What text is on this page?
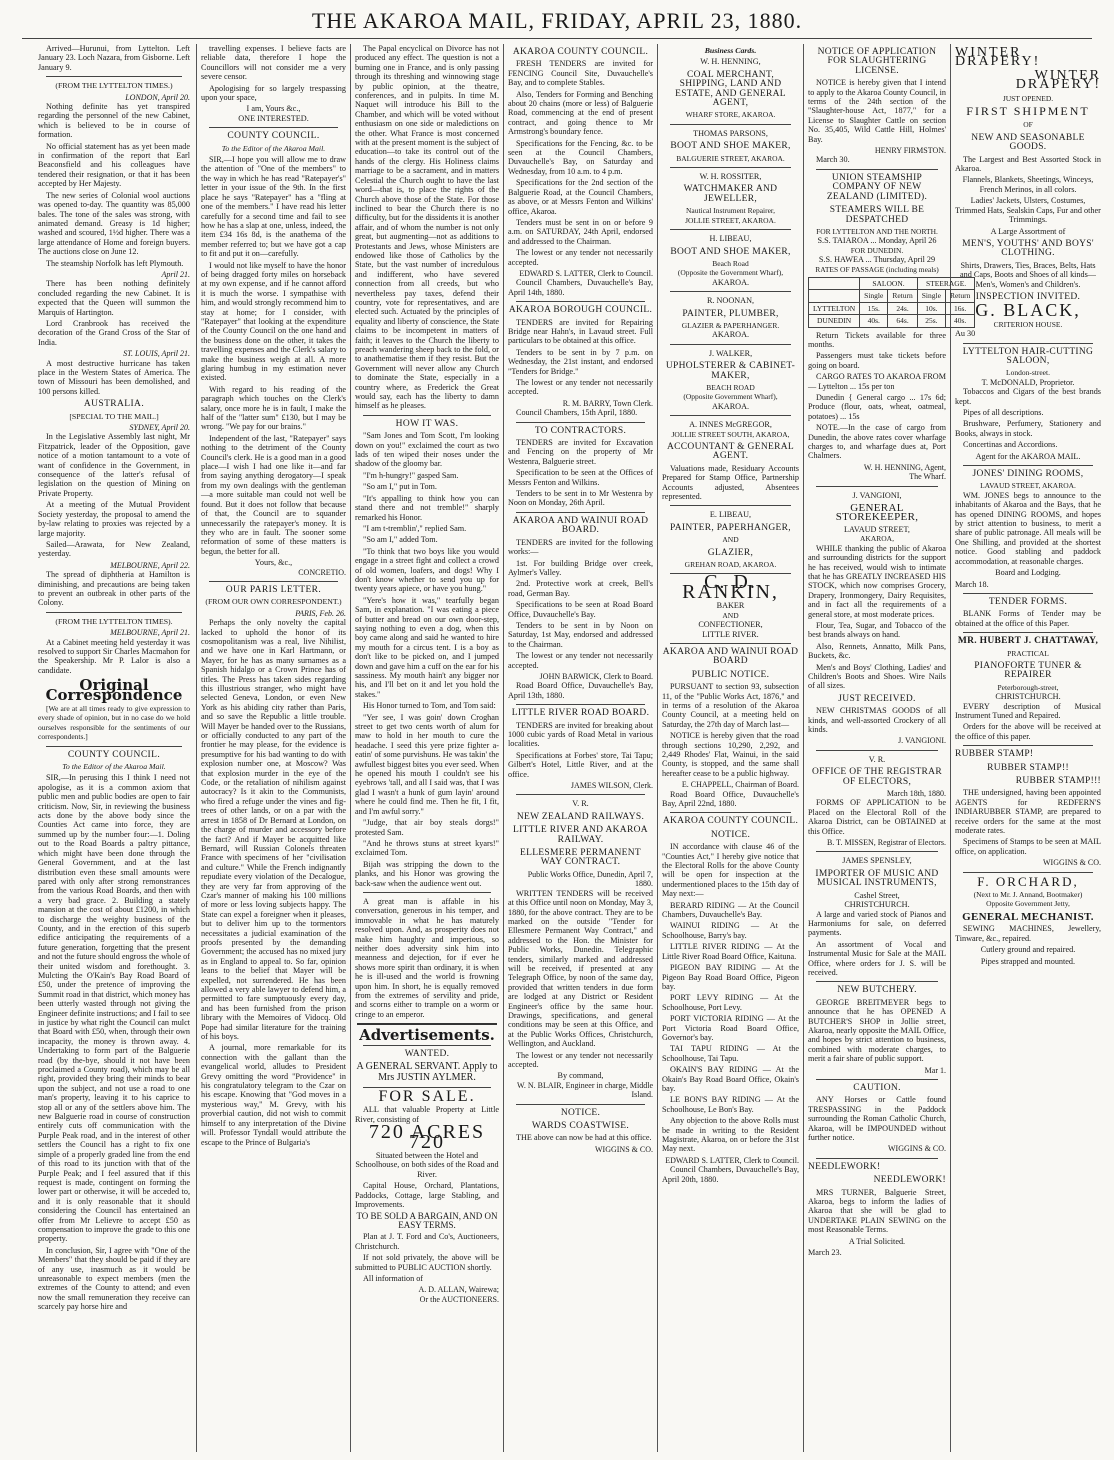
THE AKAROA MAIL, FRIDAY, APRIL 23, 1880.

Arrived—Hurunui, from Lyttelton. Left January 23. Loch Nazara, from Gisborne. Left January 9.

(FROM THE LYTTELTON TIMES.)
LONDON, April 20.

Nothing definite has yet transpired regarding the personnel of the new Cabinet, which is believed to be in course of formation.

No official statement has as yet been made in confirmation of the report that Earl Beaconsfield and his colleagues have tendered their resignation, or that it has been accepted by Her Majesty.

The new series of Colonial wool auctions was opened to-day. The quantity was 85,000 bales. The tone of the sales was strong, with animated demand. Greasy is 1d higher; washed and scoured, 1½d higher. There was a large attendance of Home and foreign buyers. The auctions close on June 12.

The steamship Norfolk has left Plymouth.

April 21.

There has been nothing definitely concluded regarding the new Cabinet. It is expected that the Queen will summon the Marquis of Hartington.

Lord Cranbrook has received the decoration of the Grand Cross of the Star of India.

ST. LOUIS, April 21.

A most destructive hurricane has taken place in the Western States of America. The town of Missouri has been demolished, and 100 persons killed.

AUSTRALIA.
[SPECIAL TO THE MAIL.]
SYDNEY, April 20.

In the Legislative Assembly last night, Mr Fitzpatrick, leader of the Opposition, gave notice of a motion tantamount to a vote of want of confidence in the Government, in consequence of the latter's refusal of legislation on the question of Mining on Private Property.

At a meeting of the Mutual Provident Society yesterday, the proposal to amend the by-law relating to proxies was rejected by a large majority.

Sailed—Arawata, for New Zealand, yesterday.

MELBOURNE, April 22.

The spread of diphtheria at Hamilton is diminishing, and precautions are being taken to prevent an outbreak in other parts of the Colony.

(FROM THE LYTTELTON TIMES).
MELBOURNE, April 21.

At a Cabinet meeting held yesterday it was resolved to support Sir Charles Macmahon for the Speakership. Mr P. Lalor is also a candidate.

Original Correspondence

[We are at all times ready to give expression to every shade of opinion, but in no case do we hold ourselves responsible for the sentiments of our correspondents.]

COUNTY COUNCIL.
To the Editor of the Akaroa Mail.

SIR,—In perusing this I think I need not apologise, as it is a common axiom that public men and public bodies are open to fair criticism. Now, Sir, in reviewing the business acts done by the above body since the Counties Act came into force, they are summed up by the number four:—1. Doling out to the Road Boards a paltry pittance, which might have been done through the General Government, and at the last distribution even these small amounts were pared with only after strong remonstrances from the various Road Boards, and then with a very bad grace. 2. Building a stately mansion at the cost of about £1200, in which to discharge the weighty business of the County, and in the erection of this superb edifice anticipating the requirements of a future generation, forgetting that the present and not the future should engross the whole of their united wisdom and forethought. 3. Mulcting the O'Kain's Bay Road Board of £50, under the pretence of improving the Summit road in that district, which money has been utterly wasted through not giving the Engineer definite instructions; and I fail to see in justice by what right the Council can mulct that Board with £50, when, through their own incapacity, the money is thrown away. 4. Undertaking to form part of the Balguerie road (by the-bye, should it not have been proclaimed a County road), which may be all right, provided they bring their minds to bear upon the subject, and not use a road to one man's property, leaving it to his caprice to stop all or any of the settlers above him. The new Balguerie road in course of construction entirely cuts off communication with the Purple Peak road, and in the interest of other settlers the Council has a right to fix one simple of a properly graded line from the end of this road to its junction with that of the Purple Peak; and I feel assured that if this request is made, contingent on forming the lower part or otherwise, it will be acceded to, and it is only reasonable that it should considering the Council has entertained an offer from Mr Lelievre to accept £50 as compensation to improve the grade to this one property.

In conclusion, Sir, I agree with "One of the Members" that they should be paid if they are of any use, inasmuch as it would be unreasonable to expect members (men the extremes of the County to attend; and even now the small remuneration they receive can scarcely pay horse hire and

travelling expenses. I believe facts are reliable data, therefore I hope the Councillors will not consider me a very severe censor.

Apologising for so largely trespassing upon your space,

I am, Yours &c.,
ONE INTERESTED.
COUNTY COUNCIL.
To the Editor of the Akaroa Mail.

SIR,—I hope you will allow me to draw the attention of "One of the members" to the way in which he has read "Ratepayer's" letter in your issue of the 9th. In the first place he says "Ratepayer" has a "fling at one of the members." I have read his letter carefully for a second time and fail to see how he has a slap at one, unless, indeed, the item £34 16s 8d, is the anathema of the member referred to; but we have got a cap to fit and put it on—carefully.

I would not like myself to have the honor of being dragged forty miles on horseback at my own expense, and if he cannot afford it is much the worse. I sympathise with him, and would strongly recommend him to stay at home; for I consider, with "Ratepayer" that looking at the expenditure of the County Council on the one hand and the business done on the other, it takes the travelling expenses and the Clerk's salary to make the business weigh at all. A more glaring humbug in my estimation never existed.

With regard to his reading of the paragraph which touches on the Clerk's salary, once more he is in fault, I make the half of the "latter sum" £130, but I may be wrong. "We pay for our brains."

Independent of the last, "Ratepayer" says nothing to the detriment of the County Council's clerk. He is a good man in a good place—I wish I had one like it—and far from saying anything derogatory—I speak from my own dealings with the gentleman—a more suitable man could not well be found. But it does not follow that because of that, the Council are to squander unnecessarily the ratepayer's money. It is they who are in fault. The sooner some reformation of some of these matters is begun, the better for all.

Yours, &c.,
CONCRETIO.
OUR PARIS LETTER.
(FROM OUR OWN CORRESPONDENT.)
PARIS, Feb. 26.

Perhaps the only novelty the capital lacked to uphold the honor of its cosmopolitanism was a real, live Nihilist, and we have one in Karl Hartmann, or Mayer, for he has as many surnames as a Spanish hidalgo or a Crown Prince has of titles. The Press has taken sides regarding this illustrious stranger, who might have selected Geneva, London, or even New York as his abiding city rather than Paris, and so save the Republic a little trouble. Will Mayer be handed over to the Russians, or officially conducted to any part of the frontier he may please, for the evidence is presumptive for his bad wanting to do with explosion number one, at Moscow? Was that explosion murder in the eye of the Code, or the retaliation of nihilism against autocracy? Is it akin to the Communists, who fired a refuge under the vines and fig-trees of other lands, or on a par with the arrest in 1858 of Dr Bernard at London, on the charge of murder and accessory before the fact? And if Mayer be acquitted like Bernard, will Russian Colonels threaten France with specimens of her "civilisation and culture." While the French indignantly repudiate every violation of the Decalogue, they are very far from approving of the Czar's manner of making his 100 millions of more or less loving subjects happy. The State can expel a foreigner when it pleases, but to deliver him up to the tormentors necessitates a judicial examination of the proofs presented by the demanding Government; the accused has no mixed jury as in England to appeal to. So far, opinion leans to the belief that Mayer will be expelled, not surrendered. He has been allowed a very able lawyer to defend him, a permitted to fare sumptuously every day, and has been furnished from the prison library with the Memoires of Vidocq. Old Pope had similar literature for the training of his boys.

A journal, more remarkable for its connection with the gallant than the evangelical world, alludes to President Grevy omitting the word "Providence" in his congratulatory telegram to the Czar on his escape. Knowing that "God moves in a mysterious way," M. Grevy, with his proverbial caution, did not wish to commit himself to any interpretation of the Divine will. Professor Tyndall would attribute the escape to the Prince of Bulgaria's

The Papal encyclical on Divorce has not produced any effect. The question is not a burning one in France, and is only passing through its threshing and winnowing stage by public opinion, at the theatre, conferences, and in pulpits. In time M. Naquet will introduce his Bill to the Chamber, and which will be voted without enthusiasm on one side or maledictions on the other. What France is most concerned with at the present moment is the subject of education—to take its control out of the hands of the clergy. His Holiness claims marriage to be a sacrament, and in matters Celestial the Church ought to have the last word—that is, to place the rights of the Church above those of the State. For those inclined to bear the Church there is no difficulty, but for the dissidents it is another affair, and of whom the number is not only great, but augmenting—not as additions to Protestants and Jews, whose Ministers are endowed like those of Catholics by the State, but the vast number of incredulous and indifferent, who have severed connection from all creeds, but who nevertheless pay taxes, defend their country, vote for representatives, and are elected such. Actuated by the principles of equality and liberty of conscience, the State claims to be incompetent in matters of faith; it leaves to the Church the liberty to preach wandering sheep back to the fold, or to anathematise them if they resist. But the Government will never allow any Church to dominate the State, especially in a country where, as Frederick the Great would say, each has the liberty to damn himself as he pleases.

HOW IT WAS.

"Sam Jones and Tom Scott, I'm looking down on you!" exclaimed the court as two lads of ten wiped their noses under the shadow of the gloomy bar.

"I'm h-hungry!" gasped Sam.

"So am I," put in Tom.

"It's appalling to think how you can stand there and not tremble!" sharply remarked his Honor.

"I am t-tremblin'," replied Sam.

"So am I," added Tom.

"To think that two boys like you would engage in a street fight and collect a crowd of old women, loafers, and dogs! Why I don't know whether to send you up for twenty years apiece, or have you hung."

"Yere's how it was," tearfully began Sam, in explanation. "I was eating a piece of butter and bread on our own door-step, saying nothing to even a dog, when this boy came along and said he wanted to hire my mouth for a circus tent. I is a boy as don't like to be picked on, and I jumped down and gave him a cuff on the ear for his sassiness. My mouth hain't any bigger nor his, and I'll bet on it and let you hold the stakes."

His Honor turned to Tom, and Tom said:

"Yer see, I was goin' down Croghan street to get two cents worth of alum for maw to hold in her mouth to cure the headache. I seed this yere prize fighter a-eatin' of some purvishuns. He was takin' the awfullest biggest bites you ever seed. When he opened his mouth I couldn't see his eyebrows 'tall, and all I said was, that I was glad I wasn't a hunk of gum layin' around where he could find me. Then he fit, I fit, and I'm awful sorry."

"Judge, that air boy steals dorgs!" protested Sam.

"And he throws stuns at street kyars!" exclaimed Tom.

Bijah was stripping the down to the planks, and his Honor was growing the back-saw when the audience went out.

A great man is affable in his conversation, generous in his temper, and immovable in what he has maturely resolved upon. And, as prosperity does not make him haughty and imperious, so neither does adversity sink him into meanness and dejection, for if ever he shows more spirit than ordinary, it is when he is ill-used and the world is frowning upon him. In short, he is equally removed from the extremes of servility and pride, and scorns either to trample on a worm or cringe to an emperor.

Advertisements.
WANTED.

A GENERAL SERVANT. Apply to Mrs JUSTIN AYLMER.

FOR SALE.

ALL that valuable Property at Little River, consisting of

720 ACRES 720

Situated between the Hotel and Schoolhouse, on both sides of the Road and River.

Capital House, Orchard, Plantations, Paddocks, Cottage, large Stabling, and Improvements.

TO BE SOLD A BARGAIN, AND ON EASY TERMS.

Plan at J. T. Ford and Co's, Auctioneers, Christchurch.

If not sold privately, the above will be submitted to PUBLIC AUCTION shortly.

All information of

A. D. ALLAN, Wairewa;
Or the AUCTIONEERS.
AKAROA COUNTY COUNCIL.

FRESH TENDERS are invited for FENCING Council Site, Duvauchelle's Bay, and to complete Stables.

Also, Tenders for Forming and Benching about 20 chains (more or less) of Balguerie Road, commencing at the end of present contract, and going thence to Mr Armstrong's boundary fence.

Specifications for the Fencing, &c. to be seen at the Council Chambers, Duvauchelle's Bay, on Saturday and Wednesday, from 10 a.m. to 4 p.m.

Specifications for the 2nd section of the Balguerie Road, at the Council Chambers, as above, or at Messrs Fenton and Wilkins' office, Akaroa.

Tenders must be sent in on or before 9 a.m. on SATURDAY, 24th April, endorsed and addressed to the Chairman.

The lowest or any tender not necessarily accepted.

EDWARD S. LATTER, Clerk to Council.

Council Chambers, Duvauchelle's Bay, April 14th, 1880.

AKAROA BOROUGH COUNCIL.

TENDERS are invited for Repairing Bridge near Hahn's, in Lavaud street. Full particulars to be obtained at this office.

Tenders to be sent in by 7 p.m. on Wednesday, the 21st instant, and endorsed "Tenders for Bridge."

The lowest or any tender not necessarily accepted.

R. M. BARRY, Town Clerk.

Council Chambers, 15th April, 1880.

TO CONTRACTORS.

TENDERS are invited for Excavation and Fencing on the property of Mr Westenra, Balguerie street.

Specification to be seen at the Offices of Messrs Fenton and Wilkins.

Tenders to be sent in to Mr Westenra by Noon on Monday, 26th April.

AKAROA AND WAINUI ROAD BOARD.

TENDERS are invited for the following works:—

1st. For building Bridge over creek, Aylmer's Valley.

2nd. Protective work at creek, Bell's road, German Bay.

Specifications to be seen at Road Board Office, Duvauchelle's Bay.

Tenders to be sent in by Noon on Saturday, 1st May, endorsed and addressed to the Chairman.

The lowest or any tender not necessarily accepted.

JOHN BARWICK, Clerk to Board.

Road Board Office, Duvauchelle's Bay, April 13th, 1880.

LITTLE RIVER ROAD BOARD.

TENDERS are invited for breaking about 1000 cubic yards of Road Metal in various localities.

Specifications at Forbes' store, Tai Tapu; Gilbert's Hotel, Little River, and at the office.

JAMES WILSON, Clerk.
V. R.
NEW ZEALAND RAILWAYS.
LITTLE RIVER AND AKAROA RAILWAY.
ELLESMERE PERMANENT WAY CONTRACT.
Public Works Office, Dunedin, April 7, 1880.

WRITTEN TENDERS will be received at this Office until noon on Monday, May 3, 1880, for the above contract. They are to be marked on the outside "Tender for Ellesmere Permanent Way Contract," and addressed to the Hon. the Minister for Public Works, Dunedin. Telegraphic tenders, similarly marked and addressed will be received, if presented at any Telegraph Office, by noon of the same day, provided that written tenders in due form are lodged at any District or Resident Engineer's office by the same hour. Drawings, specifications, and general conditions may be seen at this Office, and at the Public Works Offices, Christchurch, Wellington, and Auckland.

The lowest or any tender not necessarily accepted.

By command,
W. N. BLAIR, Engineer in charge, Middle Island.
NOTICE.
WARDS COASTWISE.

THE above can now be had at this office.

WIGGINS & CO.
Business Cards.
W. H. HENNING,
COAL MERCHANT, SHIPPING, LAND AND ESTATE, AND GENERAL AGENT,
WHARF STORE, AKAROA.
THOMAS PARSONS,
BOOT AND SHOE MAKER,
BALGUERIE STREET, AKAROA.
W. H. ROSSITER,
WATCHMAKER AND JEWELLER,
Nautical Instrument Repairer,
JOLLIE STREET, AKAROA.
H. LIBEAU,
BOOT AND SHOE MAKER,
Beach Road
(Opposite the Government Wharf),
AKAROA.
R. NOONAN,
PAINTER, PLUMBER,
GLAZIER & PAPERHANGER.
AKAROA.
J. WALKER,
UPHOLSTERER & CABINET-MAKER,
BEACH ROAD
(Opposite Government Wharf),
AKAROA.
A. INNES McGREGOR,
JOLLIE STREET SOUTH, AKAROA,
ACCOUNTANT & GENERAL AGENT.

Valuations made, Residuary Accounts Prepared for Stamp Office, Partnership Accounts adjusted, Absentees represented.

E. LIBEAU,
PAINTER, PAPERHANGER,
AND
GLAZIER,
GREHAN ROAD, AKAROA.
C. D. RANKIN,
BAKER
AND
CONFECTIONER,
LITTLE RIVER.
AKAROA AND WAINUI ROAD BOARD
PUBLIC NOTICE.

PURSUANT to section 93, subsection 11, of the "Public Works Act, 1876," and in terms of a resolution of the Akaroa County Council, at a meeting held on Saturday, the 27th day of March last—

NOTICE is hereby given that the road through sections 10,290, 2,292, and 2,449 Rhodes' Flat, Wainui, in the said County, is stopped, and the same shall hereafter cease to be a public highway.

E. CHAPPELL, Chairman of Board.

Road Board Office, Duvauchelle's Bay, April 22nd, 1880.

AKAROA COUNTY COUNCIL.
NOTICE.

IN accordance with clause 46 of the "Counties Act," I hereby give notice that the Electoral Rolls for the above County will be open for inspection at the undermentioned places to the 15th day of May next:—

BERARD RIDING — At the Council Chambers, Duvauchelle's Bay.

WAINUI RIDING — At the Schoolhouse, Barry's bay.

LITTLE RIVER RIDING — At the Little River Road Board Office, Kaituna.

PIGEON BAY RIDING — At the Pigeon Bay Road Board Office, Pigeon bay.

PORT LEVY RIDING — At the Schoolhouse, Port Levy.

PORT VICTORIA RIDING — At the Port Victoria Road Board Office, Governor's bay.

TAI TAPU RIDING — At the Schoolhouse, Tai Tapu.

OKAIN'S BAY RIDING — At the Okain's Bay Road Board Office, Okain's bay.

LE BON'S BAY RIDING — At the Schoolhouse, Le Bon's Bay.

Any objection to the above Rolls must be made in writing to the Resident Magistrate, Akaroa, on or before the 31st May next.

EDWARD S. LATTER, Clerk to Council.

Council Chambers, Duvauchelle's Bay, April 20th, 1880.

NOTICE OF APPLICATION FOR SLAUGHTERING LICENSE.

NOTICE is hereby given that I intend to apply to the Akaroa County Council, in terms of the 24th section of the "Slaughter-house Act, 1877," for a License to Slaughter Cattle on section No. 35,405, Wild Cattle Hill, Holmes' Bay.

HENRY FIRMSTON.

March 30.

UNION STEAMSHIP COMPANY OF NEW ZEALAND (LIMITED).
STEAMERS WILL BE DESPATCHED
FOR LYTTELTON AND THE NORTH.
S.S. TAIAROA ... Monday, April 26
FOR DUNEDIN.
S.S. HAWEA ... Thursday, April 29
RATES OF PASSAGE (including meals)
	SALOON.		STEERAGE.	
	Single	Return	Single	Return
LYTTELTON	15s.	24s.	10s.	16s.
DUNEDIN	40s.	64s.	25s.	40s.

Return Tickets available for three months.

Passengers must take tickets before going on board.

CARGO RATES TO AKAROA FROM— Lyttelton ... 15s per ton

Dunedin { General cargo ... 17s 6d; Produce (flour, oats, wheat, oatmeal, potatoes) ... 15s

NOTE.—In the case of cargo from Dunedin, the above rates cover wharfage charges to, and wharfage dues at, Port Chalmers.

W. H. HENNING, Agent,
The Wharf.
J. VANGIONI,
GENERAL STOREKEEPER,
LAVAUD STREET,
AKAROA,

WHILE thanking the public of Akaroa and surrounding districts for the support he has received, would wish to intimate that he has GREATLY INCREASED HIS STOCK, which now comprises Grocery, Drapery, Ironmongery, Dairy Requisites, and in fact all the requirements of a general store, at most moderate prices.

Flour, Tea, Sugar, and Tobacco of the best brands always on hand.

Also, Rennets, Annatto, Milk Pans, Buckets, &c.

Men's and Boys' Clothing, Ladies' and Children's Boots and Shoes. Wire Nails of all sizes.

JUST RECEIVED.

NEW CHRISTMAS GOODS of all kinds, and well-assorted Crockery of all kinds.

J. VANGIONI.
V. R.
OFFICE OF THE REGISTRAR OF ELECTORS,
March 18th, 1880.

FORMS OF APPLICATION to be Placed on the Electoral Roll of the Akaroa District, can be OBTAINED at this Office.

B. T. MISSEN, Registrar of Electors.
JAMES SPENSLEY,
IMPORTER OF MUSIC AND MUSICAL INSTRUMENTS,
Cashel Street,
CHRISTCHURCH.

A large and varied stock of Pianos and Harmoniums for sale, on deferred payments.

An assortment of Vocal and Instrumental Music for Sale at the MAIL Office, where orders for J. S. will be received.

NEW BUTCHERY.

GEORGE BREITMEYER begs to announce that he has OPENED A BUTCHER'S SHOP in Jollie street, Akaroa, nearly opposite the MAIL Office, and hopes by strict attention to business, combined with moderate charges, to merit a fair share of public support.

Mar 1.
CAUTION.

ANY Horses or Cattle found TRESPASSING in the Paddock surrounding the Roman Catholic Church, Akaroa, will be IMPOUNDED without further notice.

WIGGINS & CO.
NEEDLEWORK!
NEEDLEWORK!

MRS TURNER, Balguerie Street, Akaroa, begs to inform the ladies of Akaroa that she will be glad to UNDERTAKE PLAIN SEWING on the most Reasonable Terms.

A Trial Solicited.

March 23.
WINTER DRAPERY!
WINTER DRAPERY!
JUST OPENED.
FIRST SHIPMENT
OF
NEW AND SEASONABLE GOODS.

The Largest and Best Assorted Stock in Akaroa.

Flannels, Blankets, Sheetings, Winceys, French Merinos, in all colors.

Ladies' Jackets, Ulsters, Costumes, Trimmed Hats, Sealskin Caps, Fur and other Trimmings.

A Large Assortment of

MEN'S, YOUTHS' AND BOYS' CLOTHING.

Shirts, Drawers, Ties, Braces, Belts, Hats and Caps, Boots and Shoes of all kinds—Men's, Women's and Children's.

INSPECTION INVITED.
G. BLACK,
CRITERION HOUSE.
Au 30
LYTTELTON HAIR-CUTTING SALOON,
London-street.
T. McDONALD, Proprietor.

Tobaccos and Cigars of the best brands kept.

Pipes of all descriptions.

Brushware, Perfumery, Stationery and Books, always in stock.

Concertinas and Accordions.

Agent for the AKAROA MAIL.

JONES' DINING ROOMS,
LAVAUD STREET, AKAROA.

WM. JONES begs to announce to the inhabitants of Akaroa and the Bays, that he has opened DINING ROOMS, and hopes by strict attention to business, to merit a share of public patronage. All meals will be One Shilling, and provided at the shortest notice. Good stabling and paddock accommodation, at reasonable charges.

Board and Lodging.

March 18.
TENDER FORMS.

BLANK Forms of Tender may be obtained at the office of this Paper.

MR. HUBERT J. CHATTAWAY,
PRACTICAL
PIANOFORTE TUNER & REPAIRER
Peterborough-street,
CHRISTCHURCH.

EVERY description of Musical Instrument Tuned and Repaired.

Orders for the above will be received at the office of this paper.

RUBBER STAMP!
RUBBER STAMP!!
RUBBER STAMP!!!

THE undersigned, having been appointed AGENTS for REDFERN'S INDIARUBBER STAMP, are prepared to receive orders for the same at the most moderate rates.

Specimens of Stamps to be seen at MAIL office, on application.

WIGGINS & CO.
F. ORCHARD,
(Next to Mr. J. Annand, Bootmaker)
Opposite Government Jetty,
GENERAL MECHANIST.

SEWING MACHINES, Jewellery, Tinware, &c., repaired.

Cutlery ground and repaired.

Pipes strapped and mounted.
